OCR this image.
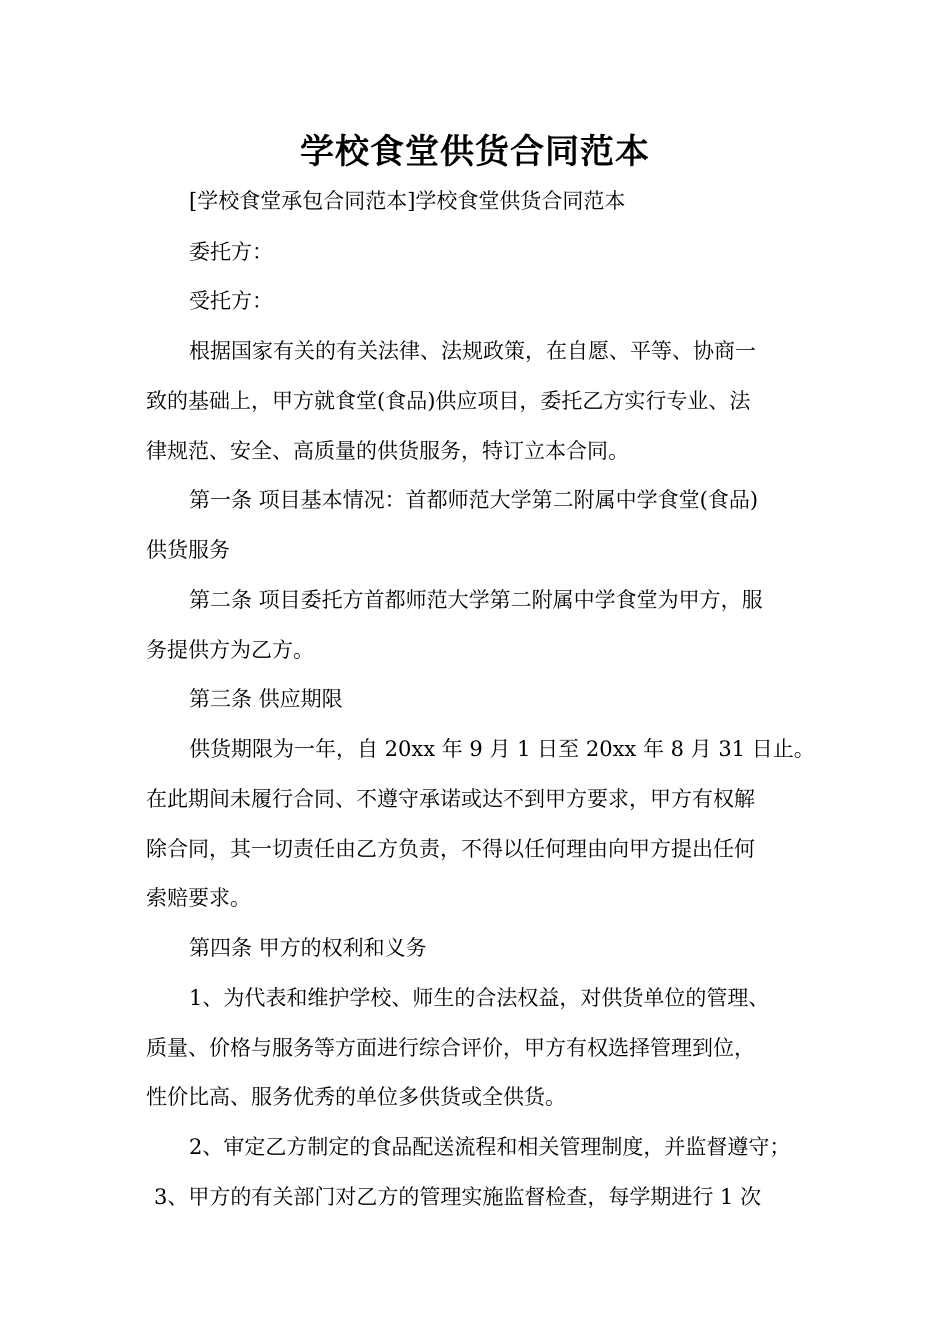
学校食堂供货合同范本
[学校食堂承包合同范本]学校食堂供货合同范本
委托方：
受托方：
根据国家有关的有关法律、法规政策，在自愿、平等、协商一
致的基础上，甲方就食堂(食品)供应项目，委托乙方实行专业、法
律规范、安全、高质量的供货服务，特订立本合同。
第一条 项目基本情况：首都师范大学第二附属中学食堂(食品)
供货服务
第二条 项目委托方首都师范大学第二附属中学食堂为甲方，服
务提供方为乙方。
第三条 供应期限
供货期限为一年，自 20xx 年 9 月 1 日至 20xx 年 8 月 31 日止。
在此期间未履行合同、不遵守承诺或达不到甲方要求，甲方有权解
除合同，其一切责任由乙方负责，不得以任何理由向甲方提出任何
索赔要求。
第四条 甲方的权利和义务
1、为代表和维护学校、师生的合法权益，对供货单位的管理、
质量、价格与服务等方面进行综合评价，甲方有权选择管理到位，
性价比高、服务优秀的单位多供货或全供货。
2、审定乙方制定的食品配送流程和相关管理制度，并监督遵守；
3、甲方的有关部门对乙方的管理实施监督检查，每学期进行 1 次
